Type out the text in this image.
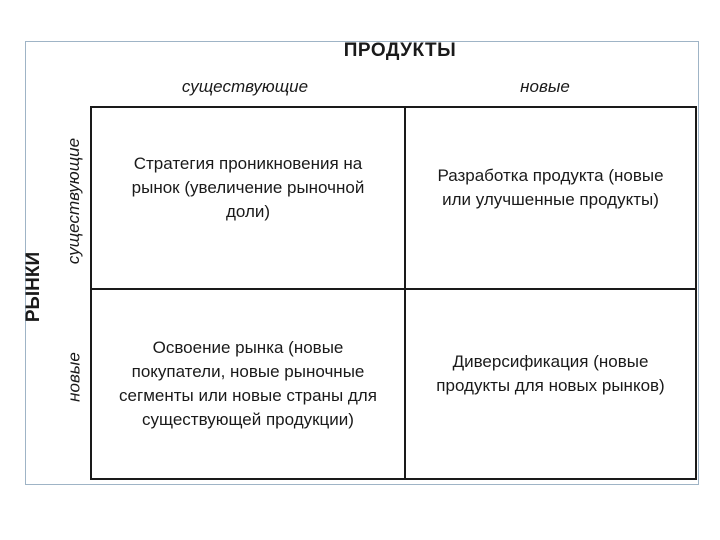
ПРОДУКТЫ
существующие	новые
РЫНКИ
существующие
новые
Стратегия проникновения на рынок (увеличение рыночной доли)
Разработка продукта (новые или улучшенные продукты)
Освоение рынка (новые покупатели, новые рыночные сегменты или новые страны для существующей продукции)
Диверсификация (новые продукты для новых рынков)
